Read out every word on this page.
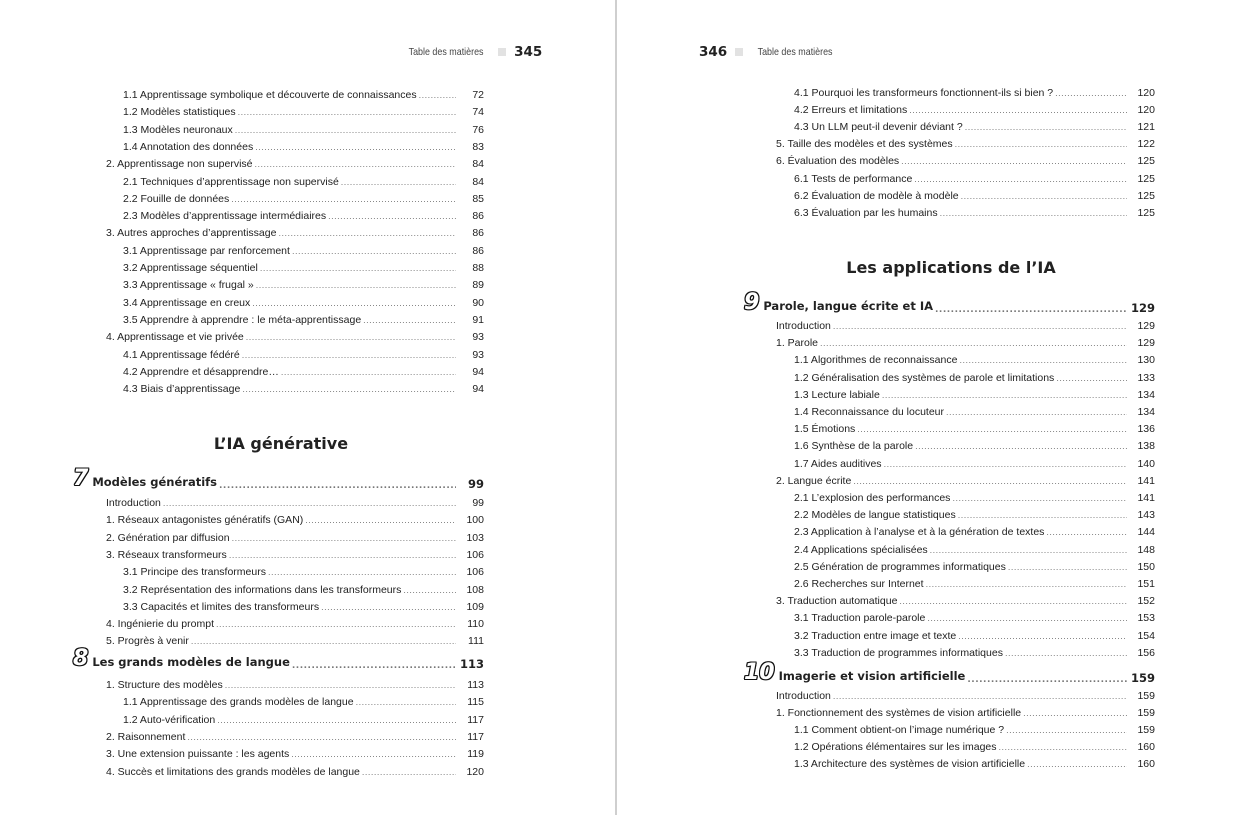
Table des matières 345
1.1 Apprentissage symbolique et découverte de connaissances .....	72
1.2 Modèles statistiques .....	74
1.3 Modèles neuronaux .....	76
1.4 Annotation des données .....	83
2. Apprentissage non supervisé .....	84
2.1 Techniques d’apprentissage non supervisé .....	84
2.2 Fouille de données .....	85
2.3 Modèles d’apprentissage intermédiaires .....	86
3. Autres approches d’apprentissage .....	86
3.1 Apprentissage par renforcement .....	86
3.2 Apprentissage séquentiel .....	88
3.3 Apprentissage « frugal » .....	89
3.4 Apprentissage en creux .....	90
3.5 Apprendre à apprendre : le méta-apprentissage .....	91
4. Apprentissage et vie privée .....	93
4.1 Apprentissage fédéré .....	93
4.2 Apprendre et désapprendre… .....	94
4.3 Biais d’apprentissage .....	94
L’IA générative
7 Modèles génératifs .....	99
Introduction .....	99
1. Réseaux antagonistes génératifs (GAN) .....	100
2. Génération par diffusion .....	103
3. Réseaux transformeurs .....	106
3.1 Principe des transformeurs .....	106
3.2 Représentation des informations dans les transformeurs .....	108
3.3 Capacités et limites des transformeurs .....	109
4. Ingénierie du prompt .....	110
5. Progrès à venir .....	111
8 Les grands modèles de langue .....	113
1. Structure des modèles .....	113
1.1 Apprentissage des grands modèles de langue .....	115
1.2 Auto-vérification .....	117
2. Raisonnement .....	117
3. Une extension puissante : les agents .....	119
4. Succès et limitations des grands modèles de langue .....	120
346	Table des matières
4.1 Pourquoi les transformeurs fonctionnent-ils si bien ? .....	120
4.2 Erreurs et limitations .....	120
4.3 Un LLM peut-il devenir déviant ? .....	121
5. Taille des modèles et des systèmes .....	122
6. Évaluation des modèles .....	125
6.1 Tests de performance .....	125
6.2 Évaluation de modèle à modèle .....	125
6.3 Évaluation par les humains .....	125
Les applications de l’IA
9 Parole, langue écrite et IA .....	129
Introduction .....	129
1. Parole .....	129
1.1 Algorithmes de reconnaissance .....	130
1.2 Généralisation des systèmes de parole et limitations .....	133
1.3 Lecture labiale .....	134
1.4 Reconnaissance du locuteur .....	134
1.5 Émotions .....	136
1.6 Synthèse de la parole .....	138
1.7 Aides auditives .....	140
2. Langue écrite .....	141
2.1 L’explosion des performances .....	141
2.2 Modèles de langue statistiques .....	143
2.3 Application à l’analyse et à la génération de textes .....	144
2.4 Applications spécialisées .....	148
2.5 Génération de programmes informatiques .....	150
2.6 Recherches sur Internet .....	151
3. Traduction automatique .....	152
3.1 Traduction parole-parole .....	153
3.2 Traduction entre image et texte .....	154
3.3 Traduction de programmes informatiques .....	156
10 Imagerie et vision artificielle .....	159
Introduction .....	159
1. Fonctionnement des systèmes de vision artificielle .....	159
1.1 Comment obtient-on l’image numérique ? .....	159
1.2 Opérations élémentaires sur les images .....	160
1.3 Architecture des systèmes de vision artificielle .....	160
